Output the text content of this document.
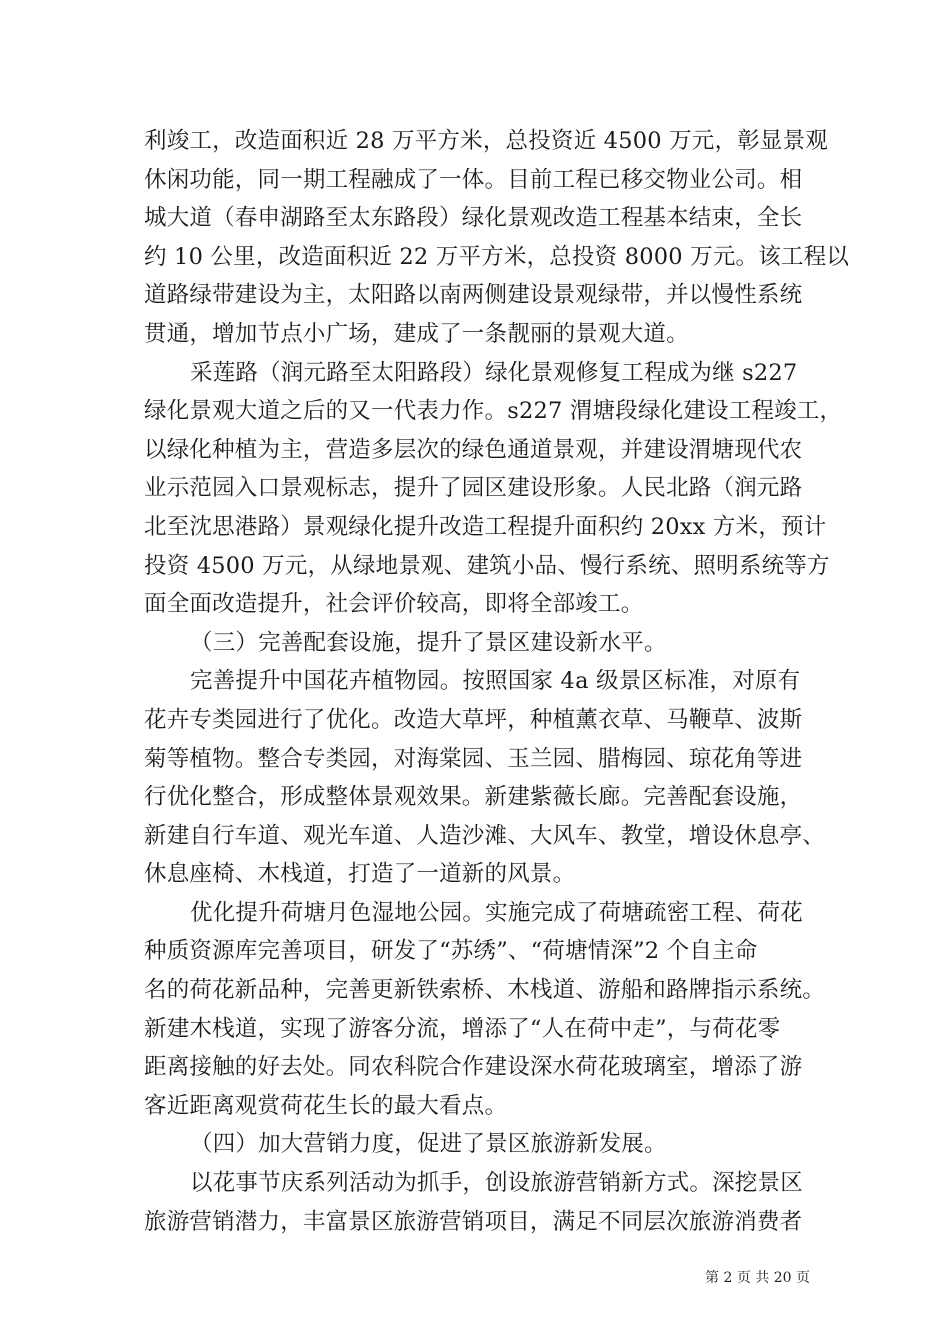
利竣工，改造面积近 28 万平方米，总投资近 4500 万元，彰显景观
休闲功能，同一期工程融成了一体。目前工程已移交物业公司。相
城大道（春申湖路至太东路段）绿化景观改造工程基本结束，全长
约 10 公里，改造面积近 22 万平方米，总投资 8000 万元。该工程以
道路绿带建设为主，太阳路以南两侧建设景观绿带，并以慢性系统
贯通，增加节点小广场，建成了一条靓丽的景观大道。
采莲路（润元路至太阳路段）绿化景观修复工程成为继 s227
绿化景观大道之后的又一代表力作。s227 渭塘段绿化建设工程竣工，
以绿化种植为主，营造多层次的绿色通道景观，并建设渭塘现代农
业示范园入口景观标志，提升了园区建设形象。人民北路（润元路
北至沈思港路）景观绿化提升改造工程提升面积约 20xx 方米，预计
投资 4500 万元，从绿地景观、建筑小品、慢行系统、照明系统等方
面全面改造提升，社会评价较高，即将全部竣工。
（三）完善配套设施，提升了景区建设新水平。
完善提升中国花卉植物园。按照国家 4a 级景区标准，对原有
花卉专类园进行了优化。改造大草坪，种植薰衣草、马鞭草、波斯
菊等植物。整合专类园，对海棠园、玉兰园、腊梅园、琼花角等进
行优化整合，形成整体景观效果。新建紫薇长廊。完善配套设施，
新建自行车道、观光车道、人造沙滩、大风车、教堂，增设休息亭、
休息座椅、木栈道，打造了一道新的风景。
优化提升荷塘月色湿地公园。实施完成了荷塘疏密工程、荷花
种质资源库完善项目，研发了“苏绣”、“荷塘情深”2 个自主命
名的荷花新品种，完善更新铁索桥、木栈道、游船和路牌指示系统。
新建木栈道，实现了游客分流，增添了“人在荷中走”，与荷花零
距离接触的好去处。同农科院合作建设深水荷花玻璃室，增添了游
客近距离观赏荷花生长的最大看点。
（四）加大营销力度，促进了景区旅游新发展。
以花事节庆系列活动为抓手，创设旅游营销新方式。深挖景区
旅游营销潜力，丰富景区旅游营销项目，满足不同层次旅游消费者
第 2 页 共 20 页
